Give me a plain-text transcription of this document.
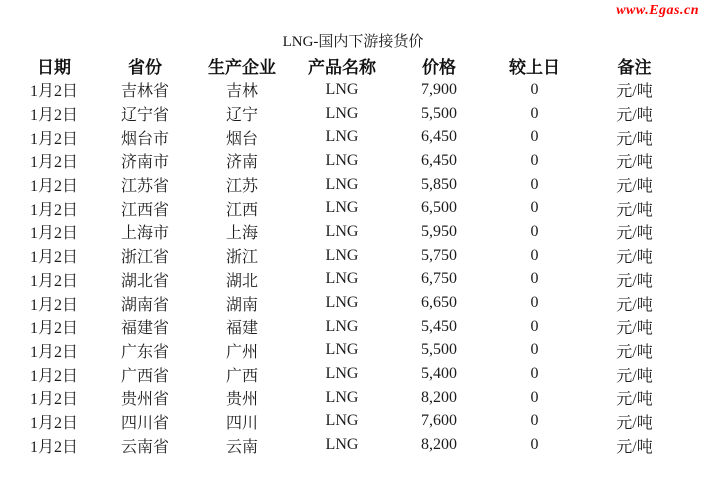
www.Egas.cn
LNG-国内下游接货价
日期	省份	生产企业	产品名称	价格	较上日	备注
1月2日	吉林省	吉林	LNG	7,900	0	元/吨
1月2日	辽宁省	辽宁	LNG	5,500	0	元/吨
1月2日	烟台市	烟台	LNG	6,450	0	元/吨
1月2日	济南市	济南	LNG	6,450	0	元/吨
1月2日	江苏省	江苏	LNG	5,850	0	元/吨
1月2日	江西省	江西	LNG	6,500	0	元/吨
1月2日	上海市	上海	LNG	5,950	0	元/吨
1月2日	浙江省	浙江	LNG	5,750	0	元/吨
1月2日	湖北省	湖北	LNG	6,750	0	元/吨
1月2日	湖南省	湖南	LNG	6,650	0	元/吨
1月2日	福建省	福建	LNG	5,450	0	元/吨
1月2日	广东省	广州	LNG	5,500	0	元/吨
1月2日	广西省	广西	LNG	5,400	0	元/吨
1月2日	贵州省	贵州	LNG	8,200	0	元/吨
1月2日	四川省	四川	LNG	7,600	0	元/吨
1月2日	云南省	云南	LNG	8,200	0	元/吨
